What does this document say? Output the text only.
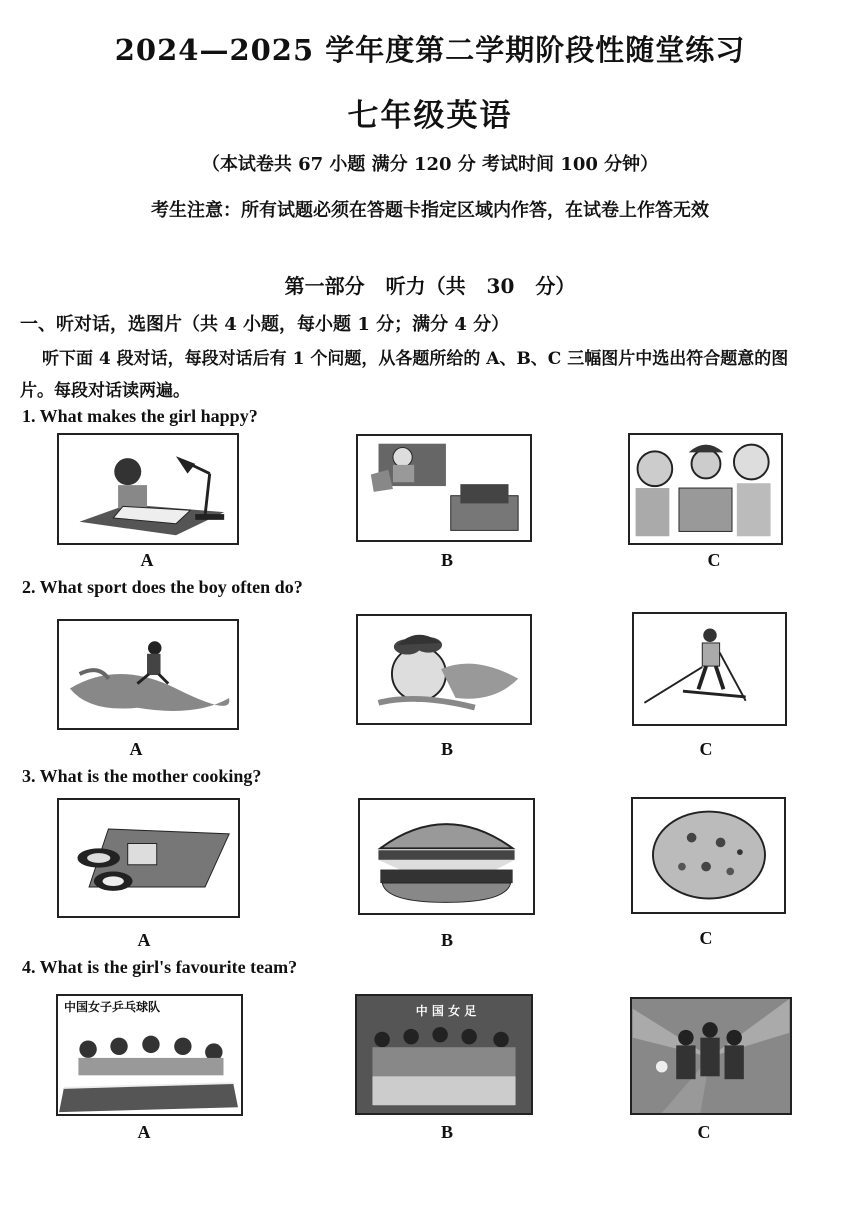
2024—2025 学年度第二学期阶段性随堂练习
七年级英语
（本试卷共 67 小题 满分 120 分 考试时间 100 分钟）
考生注意：所有试题必须在答题卡指定区域内作答，在试卷上作答无效
第一部分 听力（共 30 分）
一、听对话，选图片（共 4 小题，每小题 1 分；满分 4 分）
听下面 4 段对话，每段对话后有 1 个问题，从各题所给的 A、B、C 三幅图片中选出符合题意的图片。每段对话读两遍。
1. What makes the girl happy?
A	B	C
2. What sport does the boy often do?
A	B	C
3. What is the mother cooking?
A	B	C
4. What is the girl's favourite team?
中国女子乒乓球队	中 国 女 足
A	B	C
